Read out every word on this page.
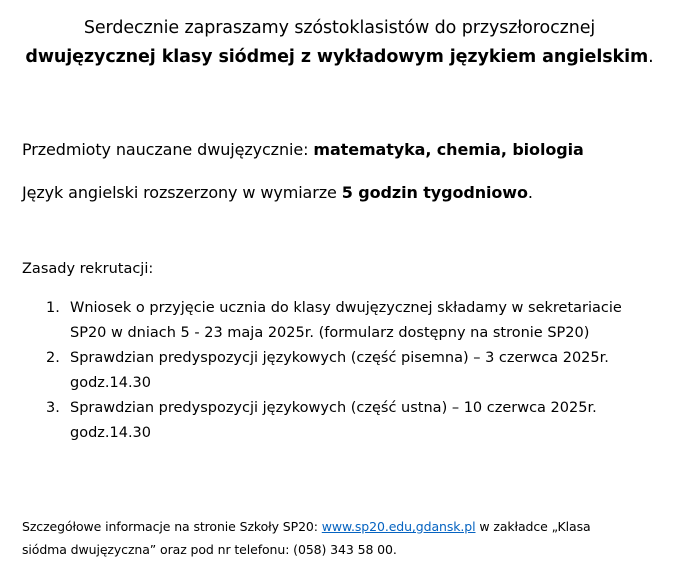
Serdecznie zapraszamy szóstoklasistów do przyszłorocznej
dwujęzycznej klasy siódmej z wykładowym językiem angielskim.
Przedmioty nauczane dwujęzycznie: matematyka, chemia, biologia
Język angielski rozszerzony w wymiarze 5 godzin tygodniowo.
Zasady rekrutacji:
1. Wniosek o przyjęcie ucznia do klasy dwujęzycznej składamy w sekretariacie
SP20 w dniach 5 - 23 maja 2025r. (formularz dostępny na stronie SP20)
2. Sprawdzian predyspozycji językowych (część pisemna) – 3 czerwca 2025r.
godz.14.30
3. Sprawdzian predyspozycji językowych (część ustna) – 10 czerwca 2025r.
godz.14.30
Szczegółowe informacje na stronie Szkoły SP20: www.sp20.edu,gdansk.pl w zakładce „Klasa
siódma dwujęzyczna” oraz pod nr telefonu: (058) 343 58 00.
